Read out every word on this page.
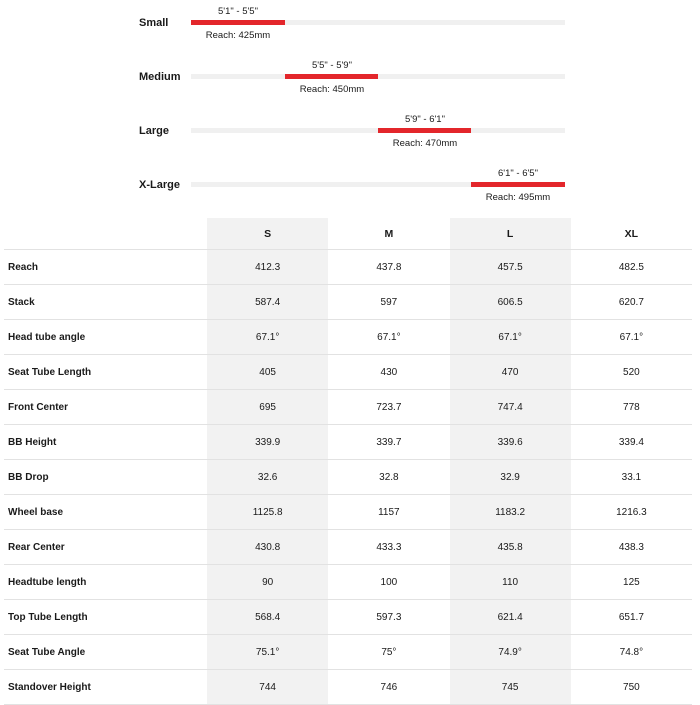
Small
5'1" - 5'5"
Reach: 425mm
Medium
5'5" - 5'9"
Reach: 450mm
Large
5'9" - 6'1"
Reach: 470mm
X-Large
6'1" - 6'5"
Reach: 495mm
	S	M	L	XL
Reach	412.3	437.8	457.5	482.5
Stack	587.4	597	606.5	620.7
Head tube angle	67.1°	67.1°	67.1°	67.1°
Seat Tube Length	405	430	470	520
Front Center	695	723.7	747.4	778
BB Height	339.9	339.7	339.6	339.4
BB Drop	32.6	32.8	32.9	33.1
Wheel base	1125.8	1157	1183.2	1216.3
Rear Center	430.8	433.3	435.8	438.3
Headtube length	90	100	110	125
Top Tube Length	568.4	597.3	621.4	651.7
Seat Tube Angle	75.1°	75°	74.9°	74.8°
Standover Height	744	746	745	750
